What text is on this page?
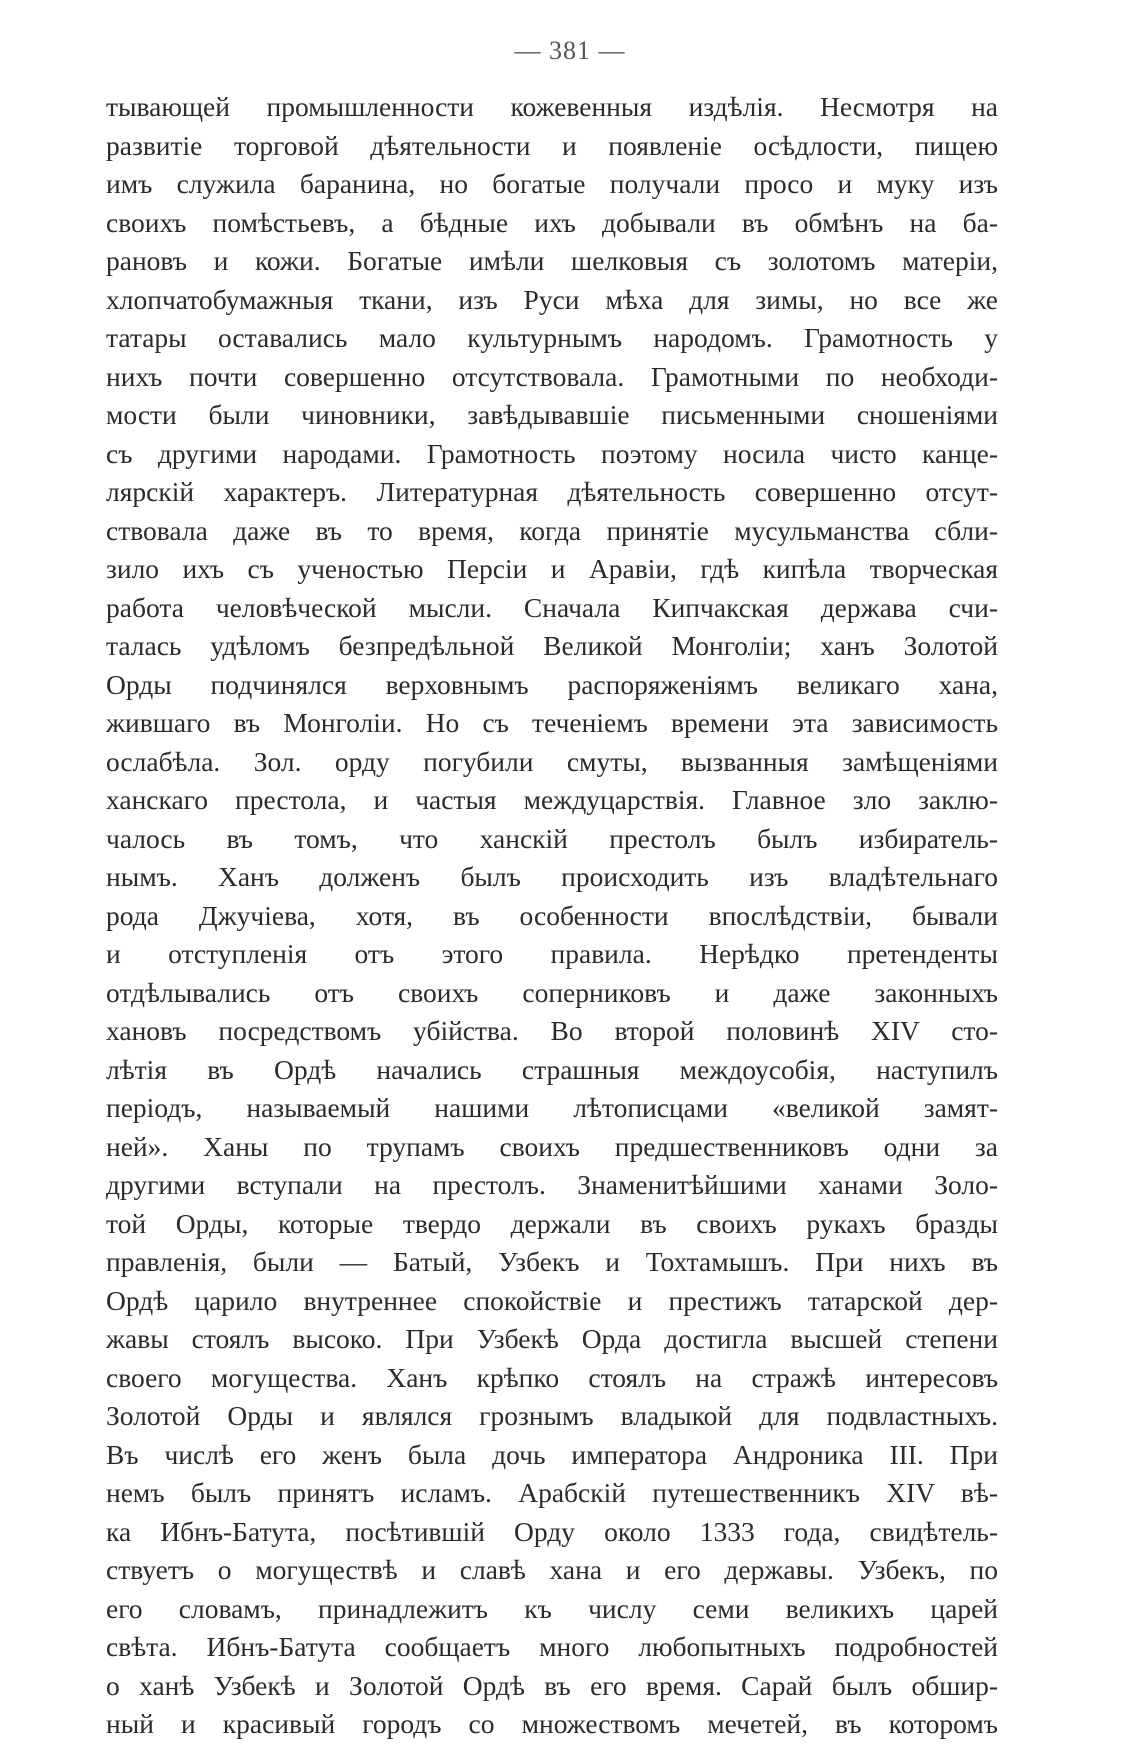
— 381 —
тывающей промышленности кожевенныя издѣлія. Несмотря на
развитіе торговой дѣятельности и появленіе осѣдлости, пищею
имъ служила баранина, но богатые получали просо и муку изъ
своихъ помѣстьевъ, а бѣдные ихъ добывали въ обмѣнъ на ба-
рановъ и кожи. Богатые имѣли шелковыя съ золотомъ матеріи,
хлопчатобумажныя ткани, изъ Руси мѣха для зимы, но все же
татары оставались мало культурнымъ народомъ. Грамотность у
нихъ почти совершенно отсутствовала. Грамотными по необходи-
мости были чиновники, завѣдывавшіе письменными сношеніями
съ другими народами. Грамотность поэтому носила чисто канце-
лярскій характеръ. Литературная дѣятельность совершенно отсут-
ствовала даже въ то время, когда принятіе мусульманства сбли-
зило ихъ съ ученостью Персіи и Аравіи, гдѣ кипѣла творческая
работа человѣческой мысли. Сначала Кипчакская держава счи-
талась удѣломъ безпредѣльной Великой Монголіи; ханъ Золотой
Орды подчинялся верховнымъ распоряженіямъ великаго хана,
жившаго въ Монголіи. Но съ теченіемъ времени эта зависимость
ослабѣла. Зол. орду погубили смуты, вызванныя замѣщеніями
ханскаго престола, и частыя междуцарствія. Главное зло заклю-
чалось въ томъ, что ханскій престолъ былъ избиратель-
нымъ. Ханъ долженъ былъ происходить изъ владѣтельнаго
рода Джучіева, хотя, въ особенности впослѣдствіи, бывали
и отступленія отъ этого правила. Нерѣдко претенденты
отдѣлывались отъ своихъ соперниковъ и даже законныхъ
хановъ посредствомъ убійства. Во второй половинѣ XIV сто-
лѣтія въ Ордѣ начались страшныя междоусобія, наступилъ
періодъ, называемый нашими лѣтописцами «великой замят-
ней». Ханы по трупамъ своихъ предшественниковъ одни за
другими вступали на престолъ. Знаменитѣйшими ханами Золо-
той Орды, которые твердо держали въ своихъ рукахъ бразды
правленія, были — Батый, Узбекъ и Тохтамышъ. При нихъ въ
Ордѣ царило внутреннее спокойствіе и престижъ татарской дер-
жавы стоялъ высоко. При Узбекѣ Орда достигла высшей степени
своего могущества. Ханъ крѣпко стоялъ на стражѣ интересовъ
Золотой Орды и являлся грознымъ владыкой для подвластныхъ.
Въ числѣ его женъ была дочь императора Андроника III. При
немъ былъ принятъ исламъ. Арабскій путешественникъ XIV вѣ-
ка Ибнъ-Батута, посѣтившій Орду около 1333 года, свидѣтель-
ствуетъ о могуществѣ и славѣ хана и его державы. Узбекъ, по
его словамъ, принадлежитъ къ числу семи великихъ царей
свѣта. Ибнъ-Батута сообщаетъ много любопытныхъ подробностей
о ханѣ Узбекѣ и Золотой Ордѣ въ его время. Сарай былъ обшир-
ный и красивый городъ со множествомъ мечетей, въ которомъ
